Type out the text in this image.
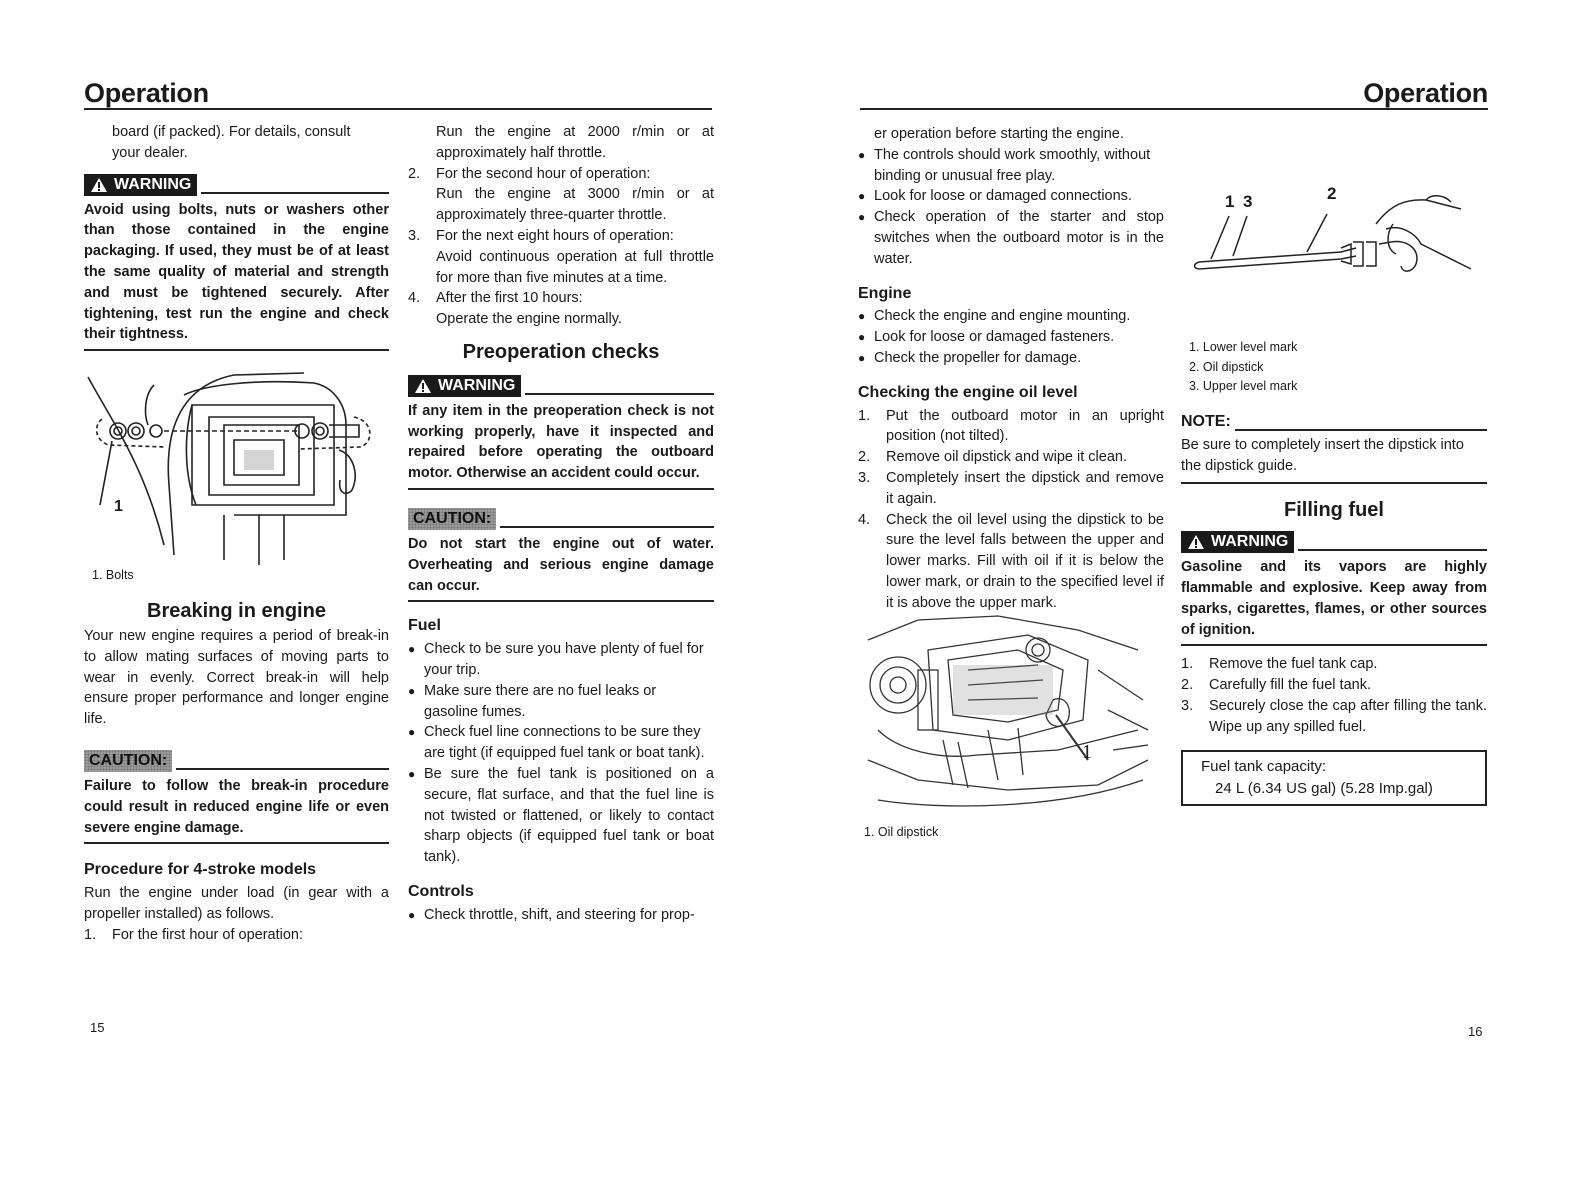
Operation	Operation

board (if packed). For details, consult

your dealer.

WARNING
Avoid using bolts, nuts or washers other than those contained in the engine packaging. If used, they must be of at least the same quality of material and strength and must be tightened securely. After tightening, test run the engine and check their tightness.
1
1. Bolts
Breaking in engine

Your new engine requires a period of break-in to allow mating surfaces of moving parts to wear in evenly. Correct break-in will help ensure proper performance and longer engine life.

CAUTION:
Failure to follow the break-in procedure could result in reduced engine life or even severe engine damage.
Procedure for 4-stroke models

Run the engine under load (in gear with a propeller installed) as follows.

1.	For the first hour of operation:

Run the engine at 2000 r/min or at approximately half throttle.

2.	For the second hour of operation:

Run the engine at 3000 r/min or at approximately three-quarter throttle.

3.	For the next eight hours of operation:

Avoid continuous operation at full throttle for more than five minutes at a time.

4.	After the first 10 hours:

Operate the engine normally.

Preoperation checks
WARNING
If any item in the preoperation check is not working properly, have it inspected and repaired before operating the outboard motor. Otherwise an accident could occur.
CAUTION:
Do not start the engine out of water. Overheating and serious engine damage can occur.
Fuel
● Check to be sure you have plenty of fuel for your trip.
● Make sure there are no fuel leaks or gasoline fumes.
● Check fuel line connections to be sure they are tight (if equipped fuel tank or boat tank).
● Be sure the fuel tank is positioned on a secure, flat surface, and that the fuel line is not twisted or flattened, or likely to contact sharp objects (if equipped fuel tank or boat tank).
Controls
● Check throttle, shift, and steering for prop-
15

er operation before starting the engine.

● The controls should work smoothly, without binding or unusual free play.
● Look for loose or damaged connections.
● Check operation of the starter and stop switches when the outboard motor is in the water.
Engine
● Check the engine and engine mounting.
● Look for loose or damaged fasteners.
● Check the propeller for damage.
Checking the engine oil level
1.	Put the outboard motor in an upright position (not tilted).
2.	Remove oil dipstick and wipe it clean.
3.	Completely insert the dipstick and remove it again.
4.	Check the oil level using the dipstick to be sure the level falls between the upper and lower marks. Fill with oil if it is below the lower mark, or drain to the specified level if it is above the upper mark.
1
1. Oil dipstick
1 3	2
1. Lower level mark
2. Oil dipstick
3. Upper level mark
NOTE:
Be sure to completely insert the dipstick into the dipstick guide.
Filling fuel
WARNING
Gasoline and its vapors are highly flammable and explosive. Keep away from sparks, cigarettes, flames, or other sources of ignition.
1.	Remove the fuel tank cap.
2.	Carefully fill the fuel tank.
3.	Securely close the cap after filling the tank. Wipe up any spilled fuel.
Fuel tank capacity:
24 L (6.34 US gal) (5.28 Imp.gal)
16
